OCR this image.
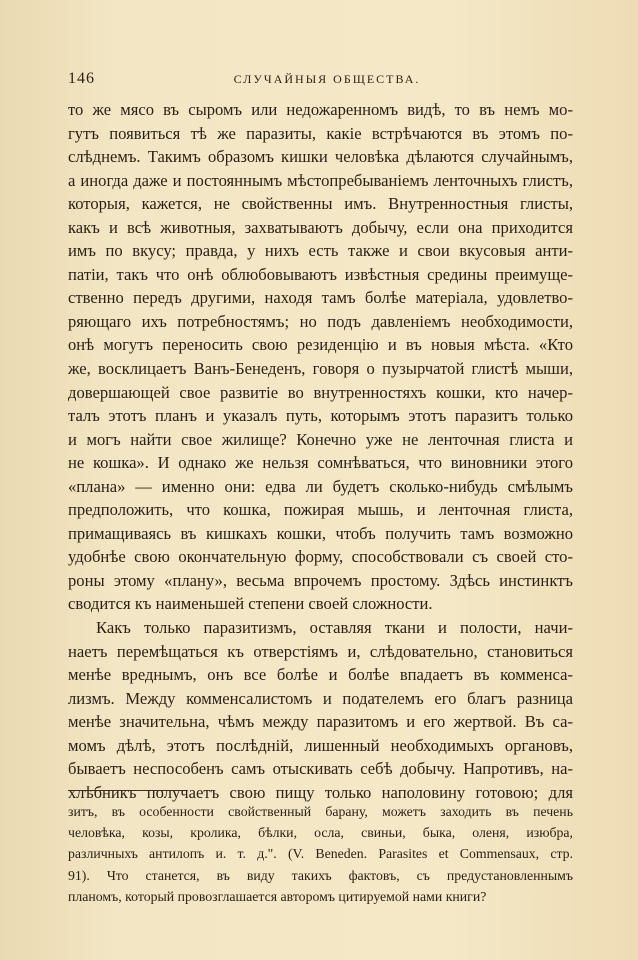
146	СЛУЧАЙНЫЯ ОБЩЕСТВА.

то же мясо въ сыромъ или недожаренномъ видѣ, то въ немъ мо-
гутъ появиться тѣ же паразиты, какіе встрѣчаются въ этомъ по-
слѣднемъ. Такимъ образомъ кишки человѣка дѣлаются случайнымъ,
а иногда даже и постояннымъ мѣстопребываніемъ ленточныхъ глистъ,
которыя, кажется, не свойственны имъ. Внутренностныя глисты,
какъ и всѣ животныя, захватываютъ добычу, если она приходится
имъ по вкусу; правда, у нихъ есть также и свои вкусовыя анти-
патіи, такъ что онѣ облюбовываютъ извѣстныя средины преимуще-
ственно передъ другими, находя тамъ болѣе матеріала, удовлетво-
ряющаго ихъ потребностямъ; но подъ давленіемъ необходимости,
онѣ могутъ переносить свою резиденцію и въ новыя мѣста. «Кто
же, восклицаетъ Ванъ-Бенеденъ, говоря о пузырчатой глистѣ мыши,
довершающей свое развитіе во внутренностяхъ кошки, кто начер-
талъ этотъ планъ и указалъ путь, которымъ этотъ паразитъ только
и могъ найти свое жилище? Конечно уже не ленточная глиста и
не кошка». И однако же нельзя сомнѣваться, что виновники этого
«плана» — именно они: едва ли будетъ сколько-нибудь смѣлымъ
предположить, что кошка, пожирая мышь, и ленточная глиста,
примащиваясь въ кишкахъ кошки, чтобъ получить тамъ возможно
удобнѣе свою окончательную форму, способствовали съ своей сто-
роны этому «плану», весьма впрочемъ простому. Здѣсь инстинктъ
сводится къ наименьшей степени своей сложности.

Какъ только паразитизмъ, оставляя ткани и полости, начи-
наетъ перемѣщаться къ отверстіямъ и, слѣдовательно, становиться
менѣе вреднымъ, онъ все болѣе и болѣе впадаетъ въ комменса-
лизмъ. Между комменсалистомъ и подателемъ его благъ разница
менѣе значительна, чѣмъ между паразитомъ и его жертвой. Въ са-
момъ дѣлѣ, этотъ послѣдній, лишенный необходимыхъ органовъ,
бываетъ неспособенъ самъ отыскивать себѣ добычу. Напротивъ, на-
хлѣбникъ получаетъ свою пищу только наполовину готовою; для

зитъ, въ особенности свойственный барану, можетъ заходить въ печень
человѣка, козы, кролика, бѣлки, осла, свиньи, быка, оленя, изюбра,
различныхъ антилопъ и. т. д.". (V. Beneden. Parasites et Commensaux, стр.
91). Что станется, въ виду такихъ фактовъ, съ предустановленнымъ
планомъ, который провозглашается авторомъ цитируемой нами книги?
